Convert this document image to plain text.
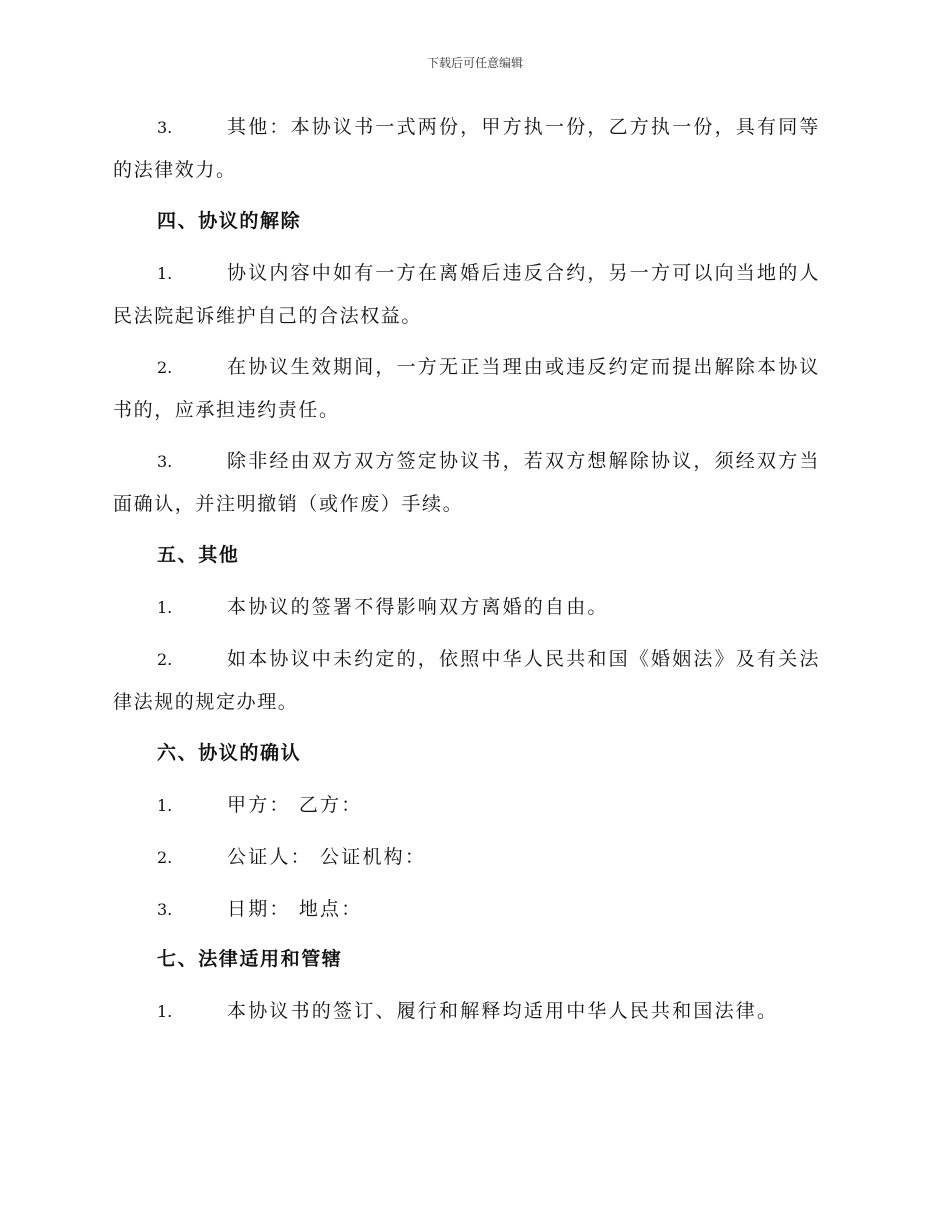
下载后可任意编辑

3.	其他：本协议书一式两份，甲方执一份，乙方执一份，具有同等

的法律效力。

四、协议的解除

1.	协议内容中如有一方在离婚后违反合约，另一方可以向当地的人

民法院起诉维护自己的合法权益。

2.	在协议生效期间，一方无正当理由或违反约定而提出解除本协议

书的，应承担违约责任。

3.	除非经由双方双方签定协议书，若双方想解除协议，须经双方当

面确认，并注明撤销（或作废）手续。

五、其他

1.	本协议的签署不得影响双方离婚的自由。

2.	如本协议中未约定的，依照中华人民共和国《婚姻法》及有关法

律法规的规定办理。

六、协议的确认

1.	甲方： 乙方：

2.	公证人： 公证机构：

3.	日期： 地点：

七、法律适用和管辖

1.	本协议书的签订、履行和解释均适用中华人民共和国法律。
